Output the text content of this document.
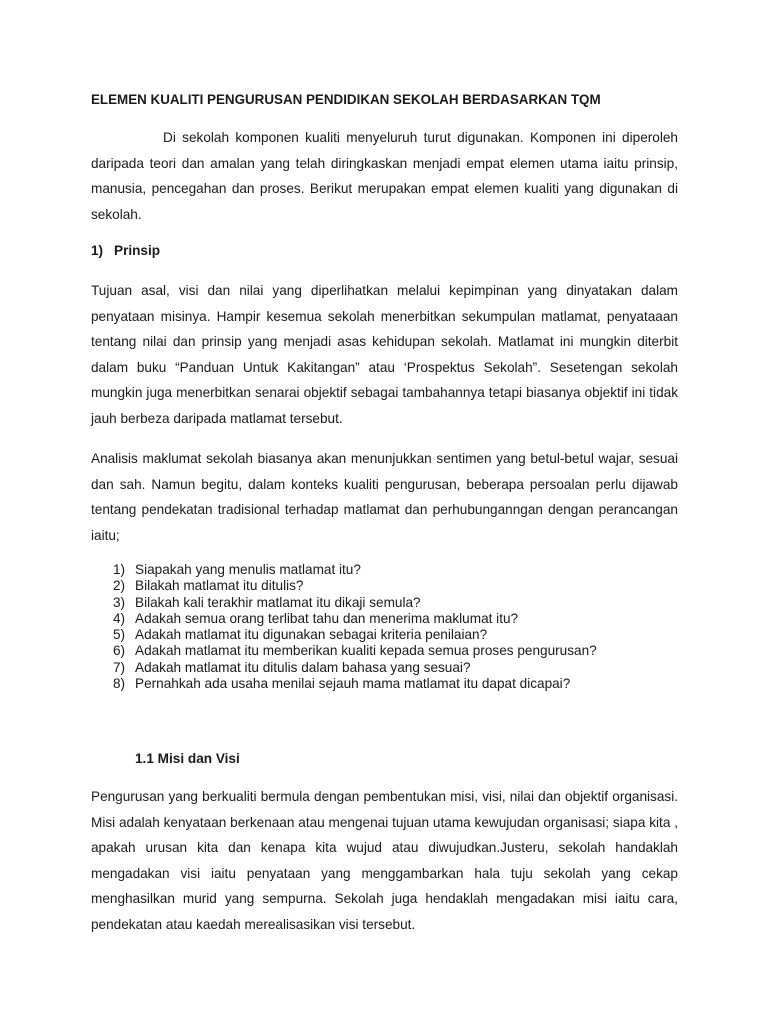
ELEMEN KUALITI PENGURUSAN PENDIDIKAN SEKOLAH BERDASARKAN TQM

Di sekolah komponen kualiti menyeluruh turut digunakan. Komponen ini diperoleh daripada teori dan amalan yang telah diringkaskan menjadi empat elemen utama iaitu prinsip, manusia, pencegahan dan proses. Berikut merupakan empat elemen kualiti yang digunakan di sekolah.

1) Prinsip

Tujuan asal, visi dan nilai yang diperlihatkan melalui kepimpinan yang dinyatakan dalam penyataan misinya. Hampir kesemua sekolah menerbitkan sekumpulan matlamat, penyataaan tentang nilai dan prinsip yang menjadi asas kehidupan sekolah. Matlamat ini mungkin diterbit dalam buku “Panduan Untuk Kakitangan” atau ‘Prospektus Sekolah”. Sesetengan sekolah mungkin juga menerbitkan senarai objektif sebagai tambahannya tetapi biasanya objektif ini tidak jauh berbeza daripada matlamat tersebut.

Analisis maklumat sekolah biasanya akan menunjukkan sentimen yang betul-betul wajar, sesuai dan sah. Namun begitu, dalam konteks kualiti pengurusan, beberapa persoalan perlu dijawab tentang pendekatan tradisional terhadap matlamat dan perhubunganngan dengan perancangan iaitu;

1) Siapakah yang menulis matlamat itu?
2) Bilakah matlamat itu ditulis?
3) Bilakah kali terakhir matlamat itu dikaji semula?
4) Adakah semua orang terlibat tahu dan menerima maklumat itu?
5) Adakah matlamat itu digunakan sebagai kriteria penilaian?
6) Adakah matlamat itu memberikan kualiti kepada semua proses pengurusan?
7) Adakah matlamat itu ditulis dalam bahasa yang sesuai?
8) Pernahkah ada usaha menilai sejauh mama matlamat itu dapat dicapai?
1.1 Misi dan Visi

Pengurusan yang berkualiti bermula dengan pembentukan misi, visi, nilai dan objektif organisasi. Misi adalah kenyataan berkenaan atau mengenai tujuan utama kewujudan organisasi; siapa kita , apakah urusan kita dan kenapa kita wujud atau diwujudkan.Justeru, sekolah handaklah mengadakan visi iaitu penyataan yang menggambarkan hala tuju sekolah yang cekap menghasilkan murid yang sempurna. Sekolah juga hendaklah mengadakan misi iaitu cara, pendekatan atau kaedah merealisasikan visi tersebut.
